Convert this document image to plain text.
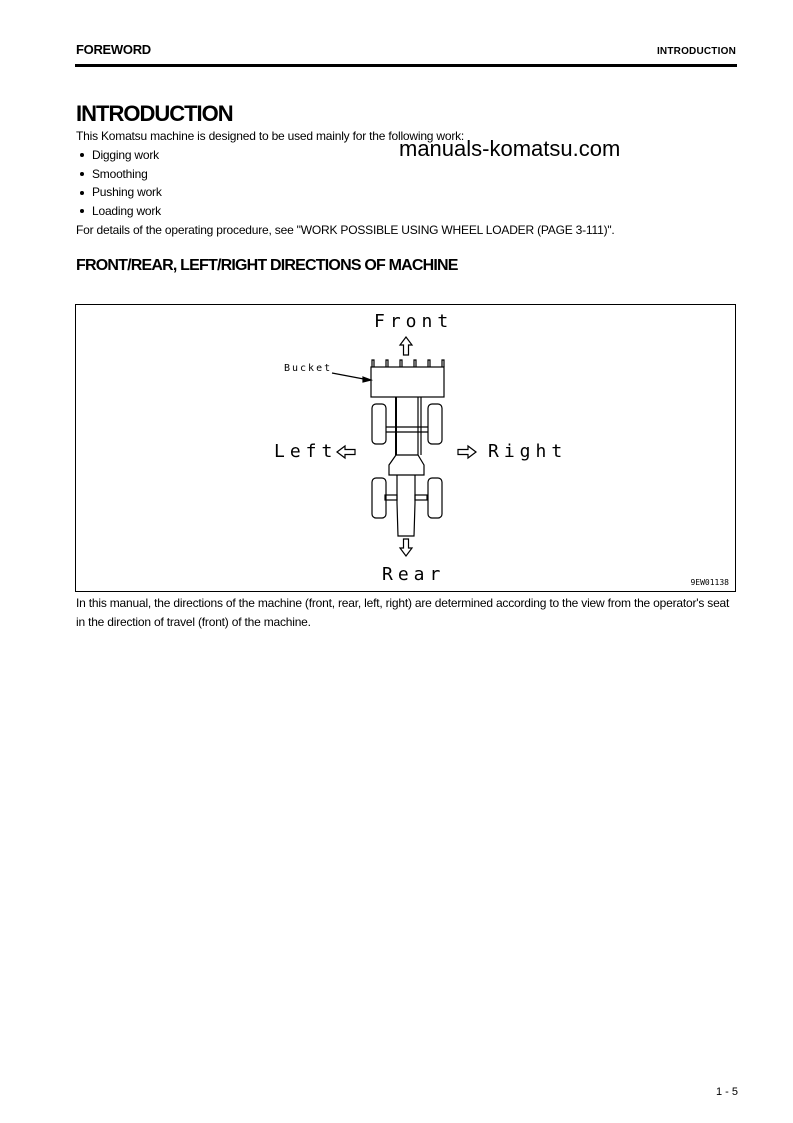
FOREWORD	INTRODUCTION
INTRODUCTION
This Komatsu machine is designed to be used mainly for the following work:
manuals-komatsu.com
Digging work
Smoothing
Pushing work
Loading work
For details of the operating procedure, see "WORK POSSIBLE USING WHEEL LOADER (PAGE 3-111)".
FRONT/REAR, LEFT/RIGHT DIRECTIONS OF MACHINE
Front
Bucket
Left	Right
Rear	9EW01138
In this manual, the directions of the machine (front, rear, left, right) are determined according to the view from the operator's seat in the direction of travel (front) of the machine.
1 - 5
